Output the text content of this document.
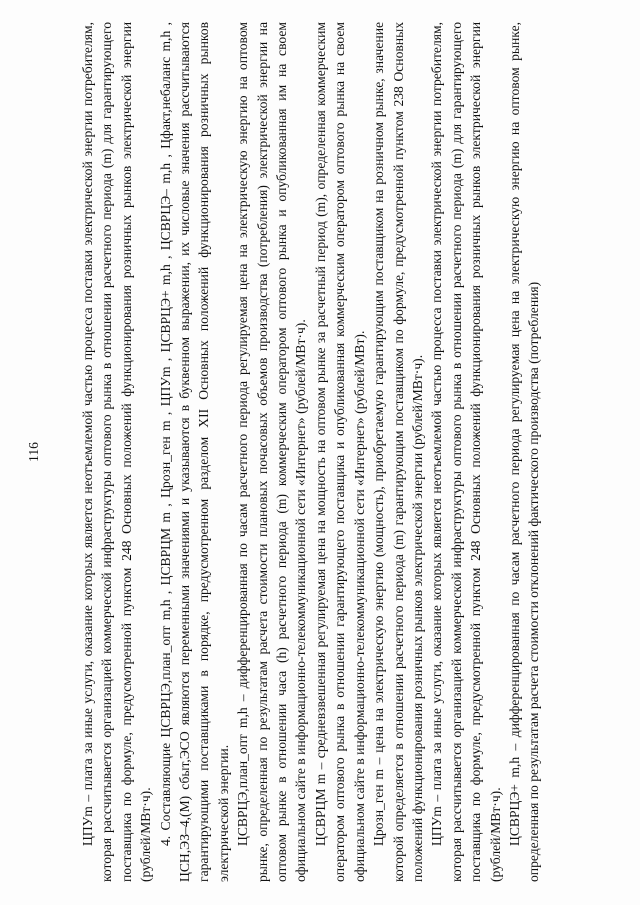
116	ЦПУm – плата за иные услуги, оказание которых является неотъемлемой частью процесса поставки электрической энергии потребителям, которая рассчитывается организацией коммерческой инфраструктуры оптового рынка в отношении расчетного периода (m) для гарантирующего поставщика по формуле, предусмотренной пунктом 248 Основных положений функционирования розничных рынков электрической энергии (рублей/МВт·ч). 4. Составляющие ЦСВРЦЭ,план_опт m,h , ЦСВРЦМ m , Црозн_ген m , ЦПУm , ЦСВРЦЭ+ m,h , ЦСВРЦЭ– m,h , Цфакт,небаланс m,h , ЦСН,ЭЗ–4,(М) сбыт,ЭСО являются переменными значениями и указываются в буквенном выражении, их числовые значения рассчитываются гарантирующими поставщиками в порядке, предусмотренном разделом XII Основных положений функционирования розничных рынков электрической энергии. ЦСВРЦЭ,план_опт m,h – дифференцированная по часам расчетного периода регулируемая цена на электрическую энергию на оптовом рынке, определенная по результатам расчета стоимости плановых почасовых объемов производства (потребления) электрической энергии на оптовом рынке в отношении часа (h) расчетного периода (m) коммерческим оператором оптового рынка и опубликованная им на своем официальном сайте в информационно-телекоммуникационной сети «Интернет» (рублей/МВт·ч). ЦСВРЦМ m – средневзвешенная регулируемая цена на мощность на оптовом рынке за расчетный период (m), определенная коммерческим оператором оптового рынка в отношении гарантирующего поставщика и опубликованная коммерческим оператором оптового рынка на своем официальном сайте в информационно-телекоммуникационной сети «Интернет» (рублей/МВт). Црозн_ген m – цена на электрическую энергию (мощность), приобретаемую гарантирующим поставщиком на розничном рынке, значение которой определяется в отношении расчетного периода (m) гарантирующим поставщиком по формуле, предусмотренной пунктом 238 Основных положений функционирования розничных рынков электрической энергии (рублей/МВт·ч). ЦПУm – плата за иные услуги, оказание которых является неотъемлемой частью процесса поставки электрической энергии потребителям, которая рассчитывается организацией коммерческой инфраструктуры оптового рынка в отношении расчетного периода (m) для гарантирующего поставщика по формуле, предусмотренной пунктом 248 Основных положений функционирования розничных рынков электрической энергии (рублей/МВт·ч). ЦСВРЦЭ+ m,h – дифференцированная по часам расчетного периода регулируемая цена на электрическую энергию на оптовом рынке, определенная по результатам расчета стоимости отклонений фактического производства (потребления)
